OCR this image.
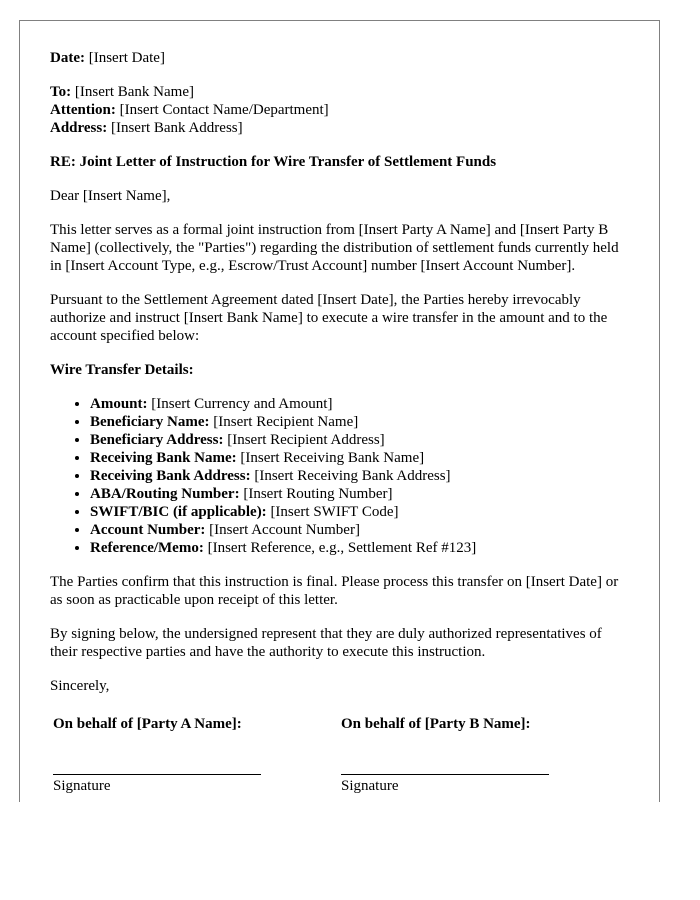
Date: [Insert Date]

To: [Insert Bank Name]
Attention: [Insert Contact Name/Department]
Address: [Insert Bank Address]

RE: Joint Letter of Instruction for Wire Transfer of Settlement Funds

Dear [Insert Name],

This letter serves as a formal joint instruction from [Insert Party A Name] and [Insert Party B Name] (collectively, the "Parties") regarding the distribution of settlement funds currently held in [Insert Account Type, e.g., Escrow/Trust Account] number [Insert Account Number].

Pursuant to the Settlement Agreement dated [Insert Date], the Parties hereby irrevocably authorize and instruct [Insert Bank Name] to execute a wire transfer in the amount and to the account specified below:

Wire Transfer Details:

• Amount: [Insert Currency and Amount]
• Beneficiary Name: [Insert Recipient Name]
• Beneficiary Address: [Insert Recipient Address]
• Receiving Bank Name: [Insert Receiving Bank Name]
• Receiving Bank Address: [Insert Receiving Bank Address]
• ABA/Routing Number: [Insert Routing Number]
• SWIFT/BIC (if applicable): [Insert SWIFT Code]
• Account Number: [Insert Account Number]
• Reference/Memo: [Insert Reference, e.g., Settlement Ref #123]

The Parties confirm that this instruction is final. Please process this transfer on [Insert Date] or as soon as practicable upon receipt of this letter.

By signing below, the undersigned represent that they are duly authorized representatives of their respective parties and have the authority to execute this instruction.

Sincerely,

On behalf of [Party A Name]:
Signature
On behalf of [Party B Name]:
Signature
